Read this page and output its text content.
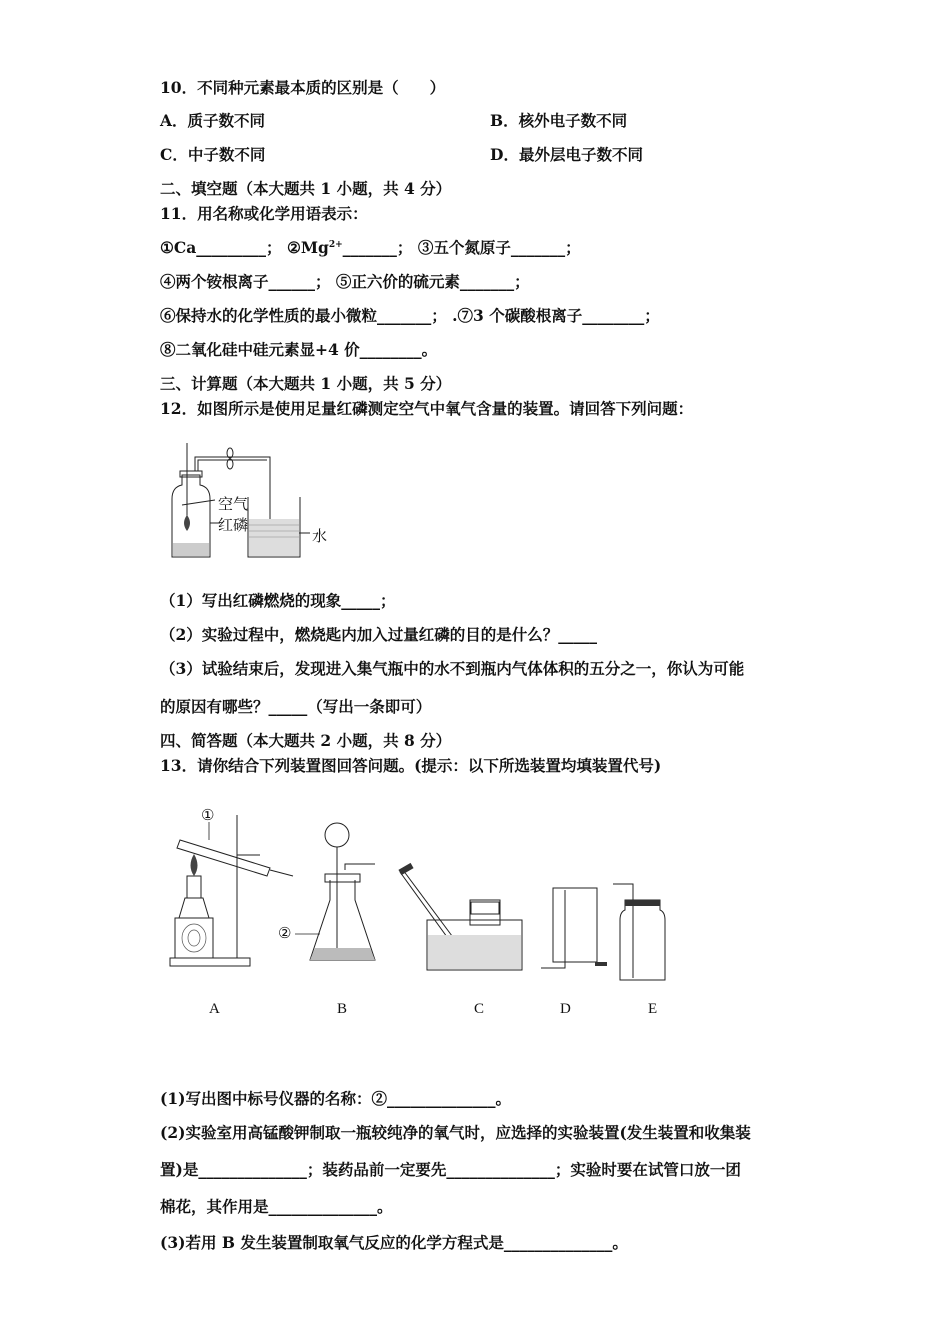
10．不同种元素最本质的区别是（　　）
A．质子数不同	B．核外电子数不同
C．中子数不同	D．最外层电子数不同
二、填空题（本大题共 1 小题，共 4 分）
11．用名称或化学用语表示：
①Ca_________； $②Mg^{2+}\_\_\_\_\_\_\_$； ③五个氮原子_______；
④两个铵根离子______； ⑤正六价的硫元素_______；
⑥保持水的化学性质的最小微粒_______； .⑦3 个碳酸根离子________；
⑧二氧化硅中硅元素显+4 价________。
三、计算题（本大题共 1 小题，共 5 分）
12．如图所示是使用足量红磷测定空气中氧气含量的装置。请回答下列问题：
空气
红磷
水
（1）写出红磷燃烧的现象_____；
（2）实验过程中，燃烧匙内加入过量红磷的目的是什么？_____
（3）试验结束后，发现进入集气瓶中的水不到瓶内气体体积的五分之一，你认为可能
的原因有哪些？_____（写出一条即可）
四、简答题（本大题共 2 小题，共 8 分）
13．请你结合下列装置图回答问题。(提示：以下所选装置均填装置代号)
①
②
A	B	C	D	E
(1)写出图中标号仪器的名称：②______________。
(2)实验室用高锰酸钾制取一瓶较纯净的氧气时，应选择的实验装置(发生装置和收集装
置)是______________；装药品前一定要先______________；实验时要在试管口放一团
棉花，其作用是______________。
(3)若用 B 发生装置制取氧气反应的化学方程式是______________。
